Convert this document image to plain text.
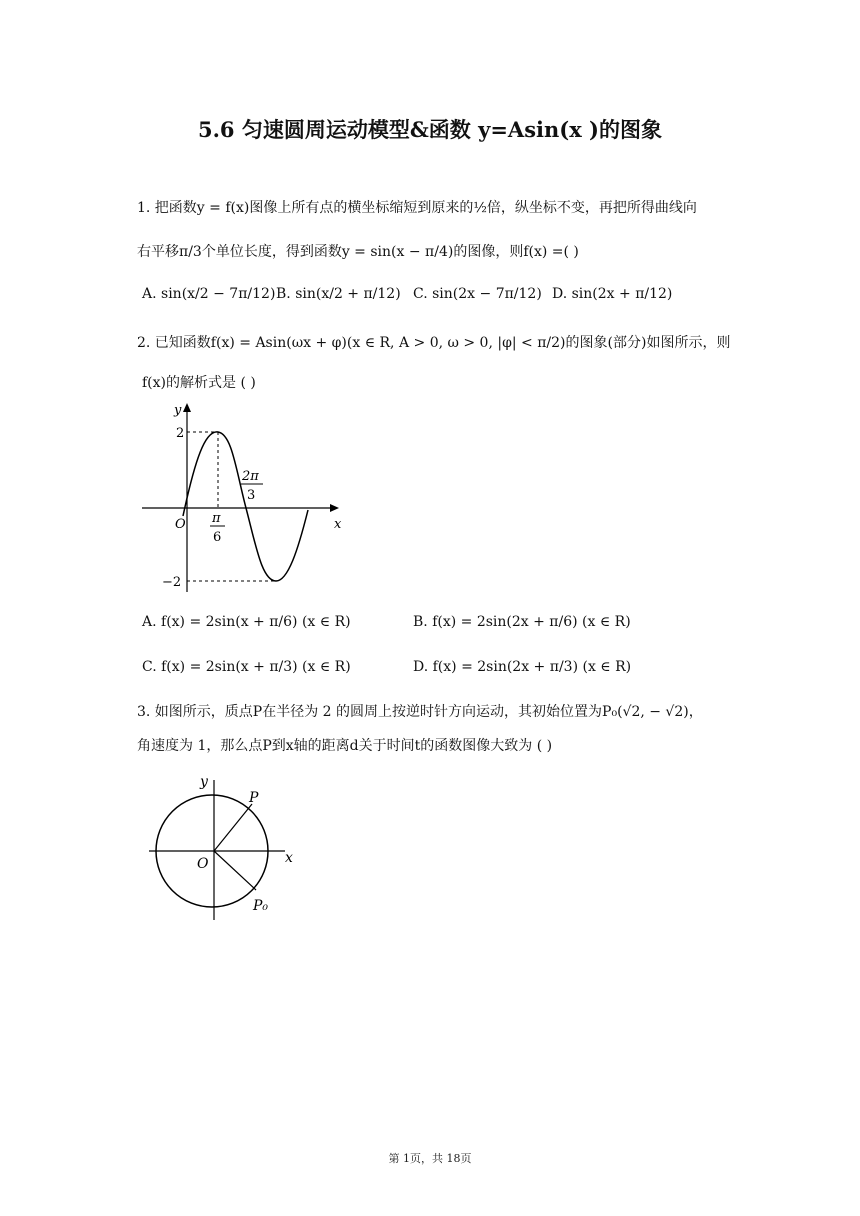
5.6 匀速圆周运动模型&函数 y=Asin(x )的图象
1. 把函数y = f(x)图像上所有点的横坐标缩短到原来的½倍，纵坐标不变，再把所得曲线向
右平移π/3个单位长度，得到函数y = sin(x − π/4)的图像，则f(x) =( )
A. sin(x/2 − 7π/12) B. sin(x/2 + π/12) C. sin(2x − 7π/12) D. sin(2x + π/12)
2. 已知函数f(x) = Asin(ωx + φ)(x ∈ R, A > 0, ω > 0, |φ| < π/2)的图象(部分)如图所示，则
f(x)的解析式是 ( )
y
x
O
2
−2
π
6
2π
3
A. f(x) = 2sin(x + π/6) (x ∈ R)	B. f(x) = 2sin(2x + π/6) (x ∈ R)
C. f(x) = 2sin(x + π/3) (x ∈ R)	D. f(x) = 2sin(2x + π/3) (x ∈ R)
3. 如图所示，质点P在半径为 2 的圆周上按逆时针方向运动，其初始位置为P₀(√2, − √2)，
角速度为 1，那么点P到x轴的距离d关于时间t的函数图像大致为 ( )
y
x
O
P
P₀
第 1页，共 18页
